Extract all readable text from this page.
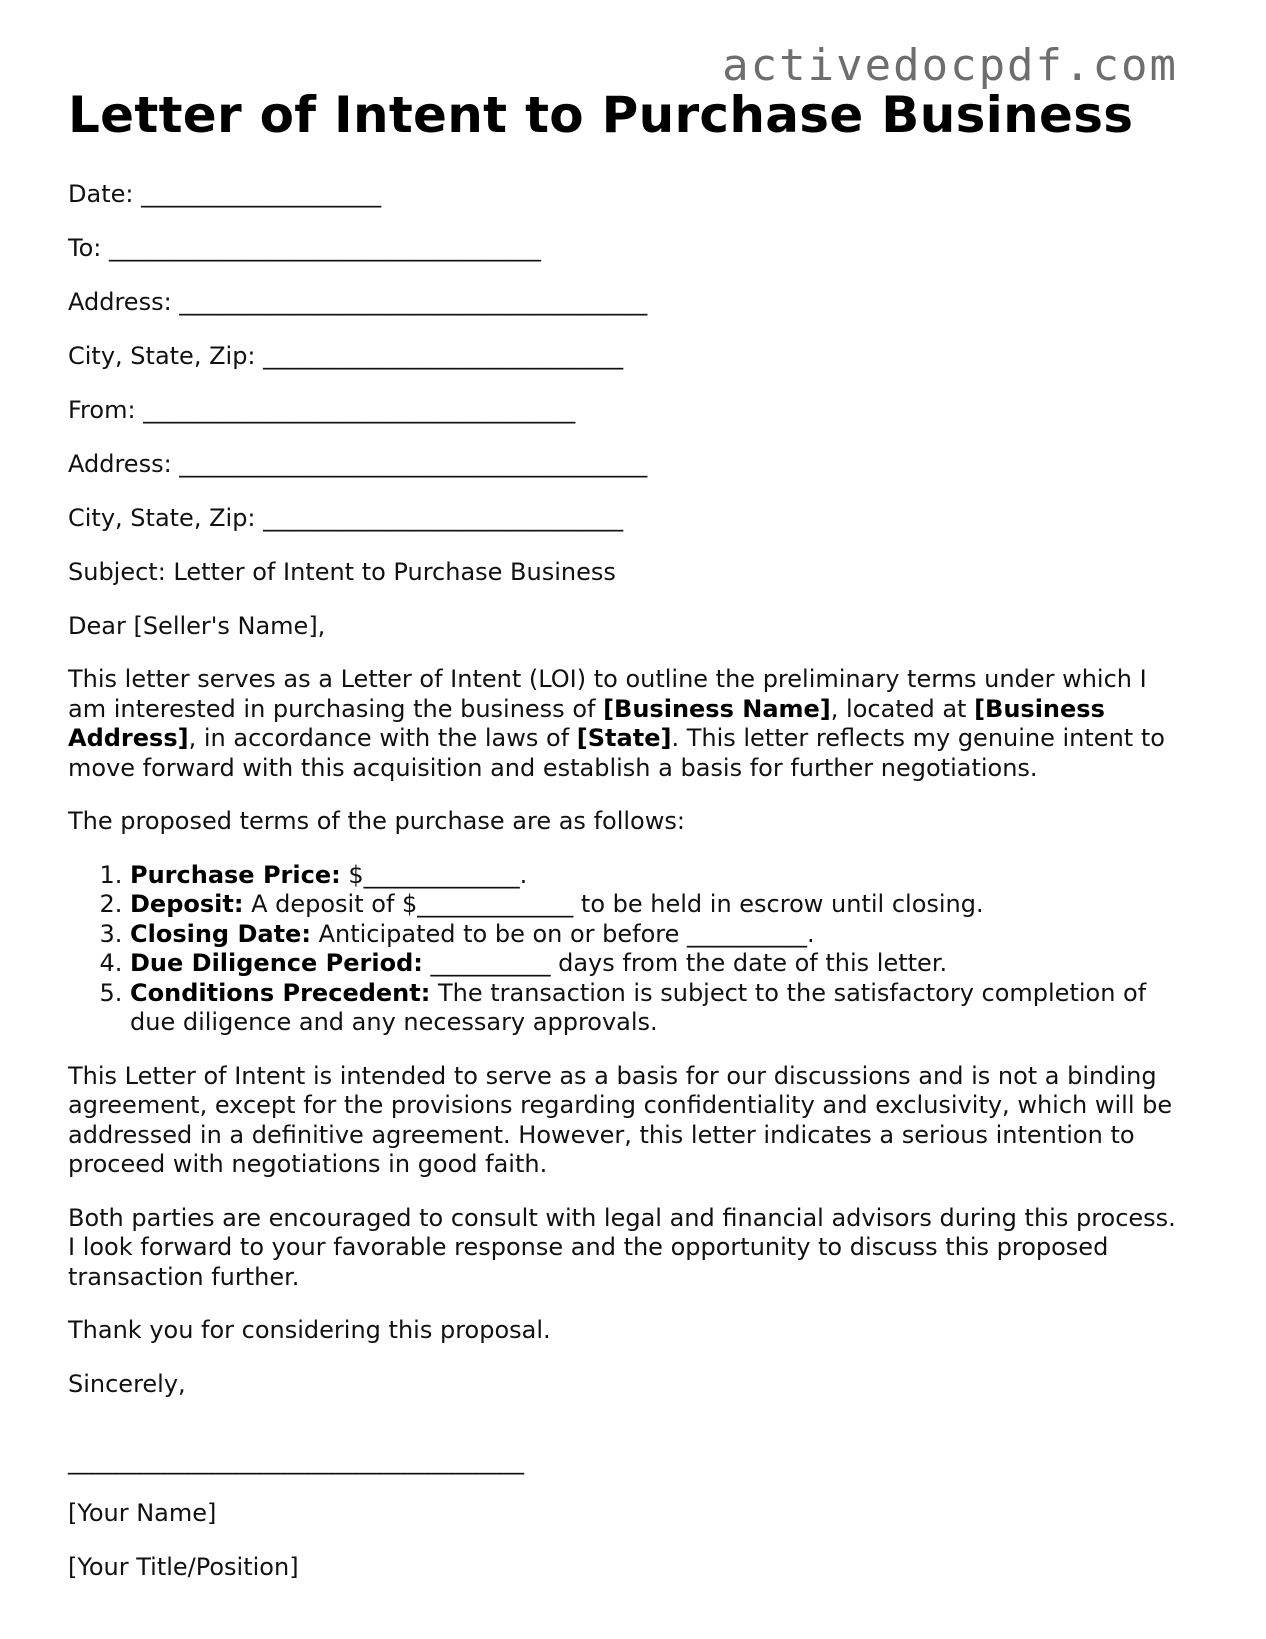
activedocpdf.com
Letter of Intent to Purchase Business
Date: ____________________
To: ____________________________________
Address: _______________________________________
City, State, Zip: ______________________________
From: ____________________________________
Address: _______________________________________
City, State, Zip: ______________________________

Subject: Letter of Intent to Purchase Business

Dear [Seller's Name],

This letter serves as a Letter of Intent (LOI) to outline the preliminary terms under which I am interested in purchasing the business of [Business Name], located at [Business Address], in accordance with the laws of [State]. This letter reflects my genuine intent to move forward with this acquisition and establish a basis for further negotiations.

The proposed terms of the purchase are as follows:

1. Purchase Price: $_____________.
2. Deposit: A deposit of $_____________ to be held in escrow until closing.
3. Closing Date: Anticipated to be on or before __________.
4. Due Diligence Period: __________ days from the date of this letter.
5. Conditions Precedent: The transaction is subject to the satisfactory completion of due diligence and any necessary approvals.

This Letter of Intent is intended to serve as a basis for our discussions and is not a binding agreement, except for the provisions regarding confidentiality and exclusivity, which will be addressed in a definitive agreement. However, this letter indicates a serious intention to proceed with negotiations in good faith.

Both parties are encouraged to consult with legal and financial advisors during this process. I look forward to your favorable response and the opportunity to discuss this proposed transaction further.

Thank you for considering this proposal.

Sincerely,

______________________________________

[Your Name]

[Your Title/Position]
